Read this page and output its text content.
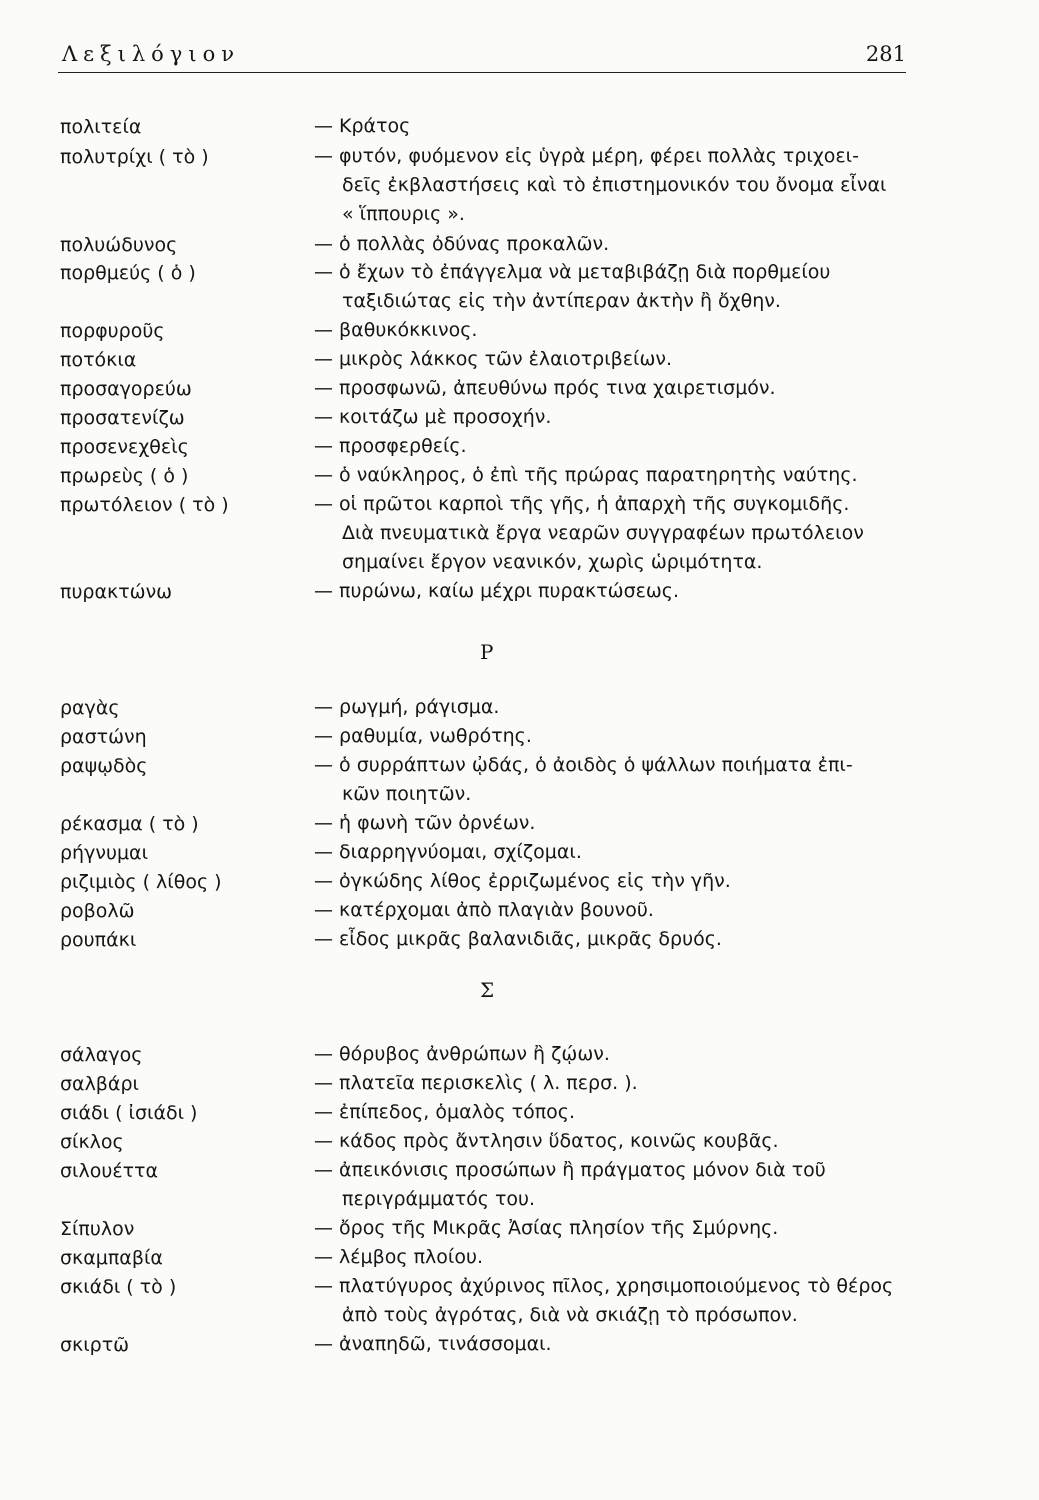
Λεξιλόγιον	281
Ρ
Σ
πολιτεία	— Κράτος
πολυτρίχι ( τὸ )	— φυτόν, φυόμενον εἰς ὑγρὰ μέρη, φέρει πολλὰς τριχοει-
δεῖς ἐκβλαστήσεις καὶ τὸ ἐπιστημονικόν του ὄνομα εἶναι
« ἵππουρις ».
πολυώδυνος	— ὁ πολλὰς ὀδύνας προκαλῶν.
πορθμεύς ( ὁ )	— ὁ ἔχων τὸ ἐπάγγελμα νὰ μεταβιβάζῃ διὰ πορθμείου
ταξιδιώτας εἰς τὴν ἀντίπεραν ἀκτὴν ἢ ὄχθην.
πορφυροῦς	— βαθυκόκκινος.
ποτόκια	— μικρὸς λάκκος τῶν ἐλαιοτριβείων.
προσαγορεύω	— προσφωνῶ, ἀπευθύνω πρός τινα χαιρετισμόν.
προσατενίζω	— κοιτάζω μὲ προσοχήν.
προσενεχθεὶς	— προσφερθείς.
πρωρεὺς ( ὁ )	— ὁ ναύκληρος, ὁ ἐπὶ τῆς πρώρας παρατηρητὴς ναύτης.
πρωτόλειον ( τὸ )	— οἱ πρῶτοι καρποὶ τῆς γῆς, ἡ ἀπαρχὴ τῆς συγκομιδῆς.
Διὰ πνευματικὰ ἔργα νεαρῶν συγγραφέων πρωτόλειον
σημαίνει ἔργον νεανικόν, χωρὶς ὡριμότητα.
πυρακτώνω	— πυρώνω, καίω μέχρι πυρακτώσεως.
ραγὰς	— ρωγμή, ράγισμα.
ραστώνη	— ραθυμία, νωθρότης.
ραψῳδὸς	— ὁ συρράπτων ᾠδάς, ὁ ἀοιδὸς ὁ ψάλλων ποιήματα ἐπι-
κῶν ποιητῶν.
ρέκασμα ( τὸ )	— ἡ φωνὴ τῶν ὀρνέων.
ρήγνυμαι	— διαρρηγνύομαι, σχίζομαι.
ριζιμιὸς ( λίθος )	— ὀγκώδης λίθος ἐρριζωμένος εἰς τὴν γῆν.
ροβολῶ	— κατέρχομαι ἀπὸ πλαγιὰν βουνοῦ.
ρουπάκι	— εἶδος μικρᾶς βαλανιδιᾶς, μικρᾶς δρυός.
σάλαγος	— θόρυβος ἀνθρώπων ἢ ζῴων.
σαλβάρι	— πλατεῖα περισκελὶς ( λ. περσ. ).
σιάδι ( ἰσιάδι )	— ἐπίπεδος, ὁμαλὸς τόπος.
σίκλος	— κάδος πρὸς ἄντλησιν ὕδατος, κοινῶς κουβᾶς.
σιλουέττα	— ἀπεικόνισις προσώπων ἢ πράγματος μόνον διὰ τοῦ
περιγράμματός του.
Σίπυλον	— ὄρος τῆς Μικρᾶς Ἀσίας πλησίον τῆς Σμύρνης.
σκαμπαβία	— λέμβος πλοίου.
σκιάδι ( τὸ )	— πλατύγυρος ἀχύρινος πῖλος, χρησιμοποιούμενος τὸ θέρος
ἀπὸ τοὺς ἀγρότας, διὰ νὰ σκιάζῃ τὸ πρόσωπον.
σκιρτῶ	— ἀναπηδῶ, τινάσσομαι.
